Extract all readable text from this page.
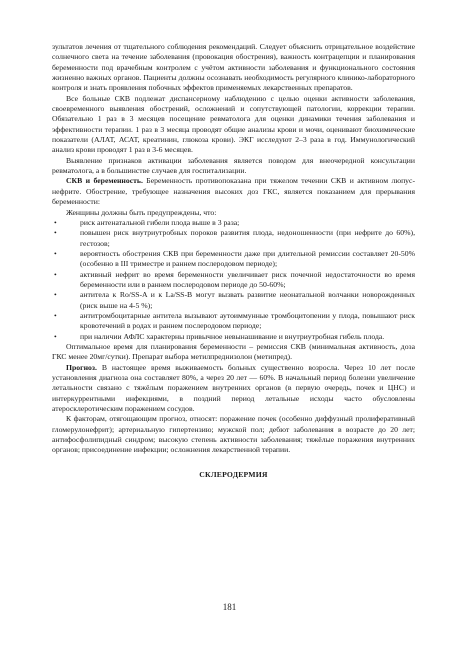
зультатов лечения от тщательного соблюдения рекомендаций. Следует объяснить отрицательное воздействие солнечного света на течение заболевания (провокация обострения), важность контрацепции и планирования беременности под врачебным контролем с учётом активности заболевания и функционального состояния жизненно важных органов. Пациенты должны осознавать необходимость регулярного клинико-лабораторного контроля и знать проявления побочных эффектов применяемых лекарственных препаратов.

Все больные СКВ подлежат диспансерному наблюдению с целью оценки активности заболевания, своевременного выявления обострений, осложнений и сопутствующей патологии, коррекции терапии. Обязательно 1 раз в 3 месяцев посещение ревматолога для оценки динамики течения заболевания и эффективности терапии. 1 раз в 3 месяца проводят общие анализы крови и мочи, оценивают биохимические показатели (АЛАТ, АСАТ, креатинин, глюкоза крови). ЭКГ исследуют 2–3 раза в год. Иммунологический анализ крови проводят 1 раз в 3-6 месяцев.

Выявление признаков активации заболевания является поводом для внеочередной консультации ревматолога, а в большинстве случаев для госпитализации.

СКВ и беременность. Беременность противопоказана при тяжелом течении СКВ и активном люпус-нефрите. Обострение, требующее назначения высоких доз ГКС, является показанием для прерывания беременности:

Женщины должны быть предупреждены, что:

•	риск антенатальной гибели плода выше в 3 раза;
•	повышен риск внутриутробных пороков развития плода, недоношенности (при нефрите до 60%), гестозов;
•	вероятность обострения СКВ при беременности даже при длительной ремиссии составляет 20-50% (особенно в III триместре и раннем послеродовом периоде);
•	активный нефрит во время беременности увеличивает риск почечной недостаточности во время беременности или в раннем послеродовом периоде до 50-60%;
•	антитела к Ro/SS-A и к La/SS-B могут вызвать развитие неонатальной волчанки новорожденных (риск выше на 4-5 %);
•	антитромбоцитарные антитела вызывают аутоиммунные тромбоцитопении у плода, повышают риск кровотечений в родах и раннем послеродовом периоде;
•	при наличии АФЛС характерны привычное невынашивание и внутриутробная гибель плода.

Оптимальное время для планирования беременности – ремиссия СКВ (минимальная активность, доза ГКС менее 20мг/сутки). Препарат выбора метилпреднизолон (метипред).

Прогноз. В настоящее время выживаемость больных существенно возросла. Через 10 лет после установления диагноза она составляет 80%, а через 20 лет — 60%. В начальный период болезни увеличение летальности связано с тяжёлым поражением внутренних органов (в первую очередь, почек и ЦНС) и интеркуррентными инфекциями, в поздний период летальные исходы часто обусловлены атеросклеротическим поражением сосудов.

К факторам, отягощающим прогноз, относят: поражение почек (особенно диффузный пролиферативный гломерулонефрит); артериальную гипертензию; мужской пол; дебют заболевания в возрасте до 20 лет; антифосфолипидный синдром; высокую степень активности заболевания; тяжёлые поражения внутренних органов; присоединение инфекции; осложнения лекарственной терапии.

СКЛЕРОДЕРМИЯ
181
